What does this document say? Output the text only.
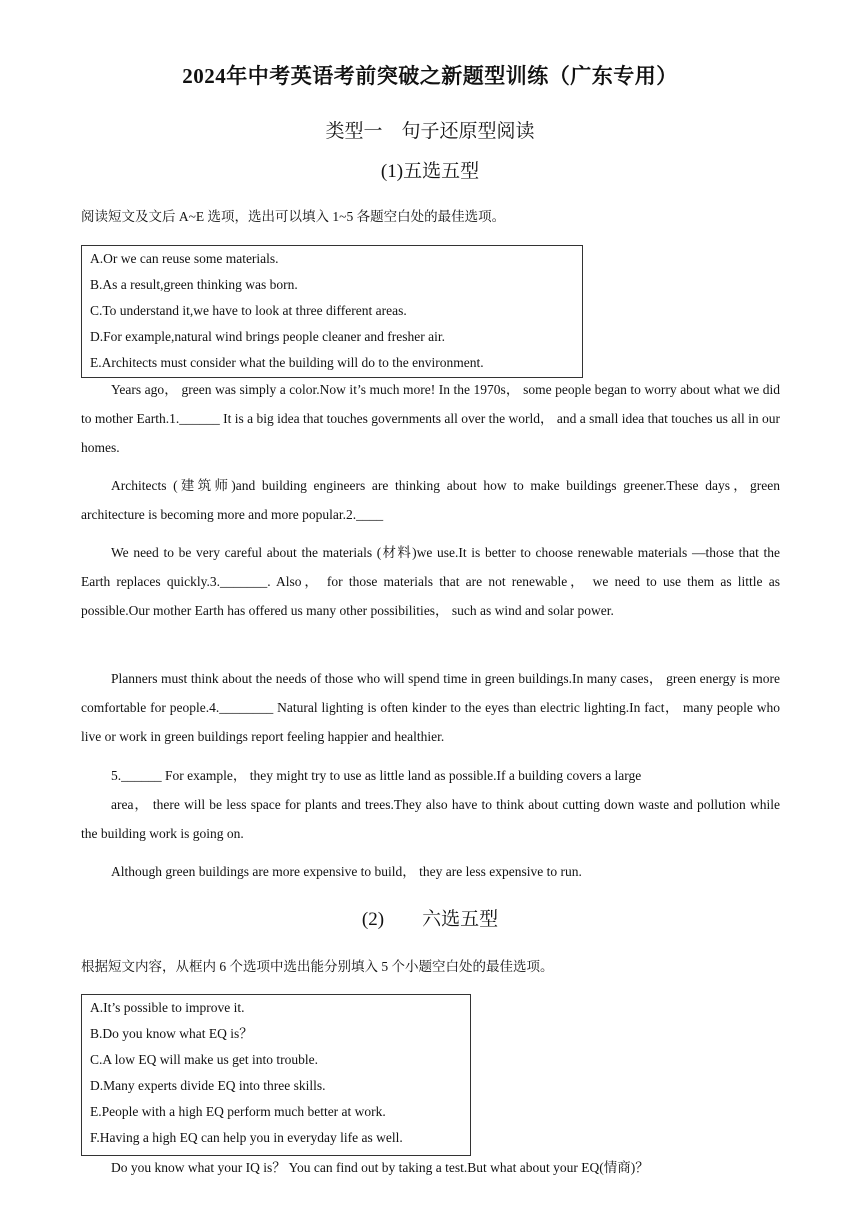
2024年中考英语考前突破之新题型训练（广东专用）
类型一　句子还原型阅读
(1)五选五型
阅读短文及文后 A~E 选项，选出可以填入 1~5 各题空白处的最佳选项。
A.Or we can reuse some materials.
B.As a result,green thinking was born.
C.To understand it,we have to look at three different areas.
D.For example,natural wind brings people cleaner and fresher air.
E.Architects must consider what the building will do to the environment.

Years ago， green was simply a color.Now it’s much more! In the 1970s， some people began to worry about what we did to mother Earth.1.______ It is a big idea that touches governments all over the world， and a small idea that touches us all in our homes.

Architects (建筑师)and building engineers are thinking about how to make buildings greener.These days，green architecture is becoming more and more popular.2.____

We need to be very careful about the materials (材料)we use.It is better to choose renewable materials —those that the Earth replaces quickly.3._______. Also， for those materials that are not renewable， we need to use them as little as possible.Our mother Earth has offered us many other possibilities， such as wind and solar power.

Planners must think about the needs of those who will spend time in green buildings.In many cases， green energy is more comfortable for people.4.________ Natural lighting is often kinder to the eyes than electric lighting.In fact， many people who live or work in green buildings report feeling happier and healthier.

5.______ For example， they might try to use as little land as possible.If a building covers a large

area， there will be less space for plants and trees.They also have to think about cutting down waste and pollution while the building work is going on.

Although green buildings are more expensive to build， they are less expensive to run.

(2)　　六选五型
根据短文内容，从框内 6 个选项中选出能分别填入 5 个小题空白处的最佳选项。
A.It’s possible to improve it.
B.Do you know what EQ is？
C.A low EQ will make us get into trouble.
D.Many experts divide EQ into three skills.
E.People with a high EQ perform much better at work.
F.Having a high EQ can help you in everyday life as well.

Do you know what your IQ is？ You can find out by taking a test.But what about your EQ(情商)？
